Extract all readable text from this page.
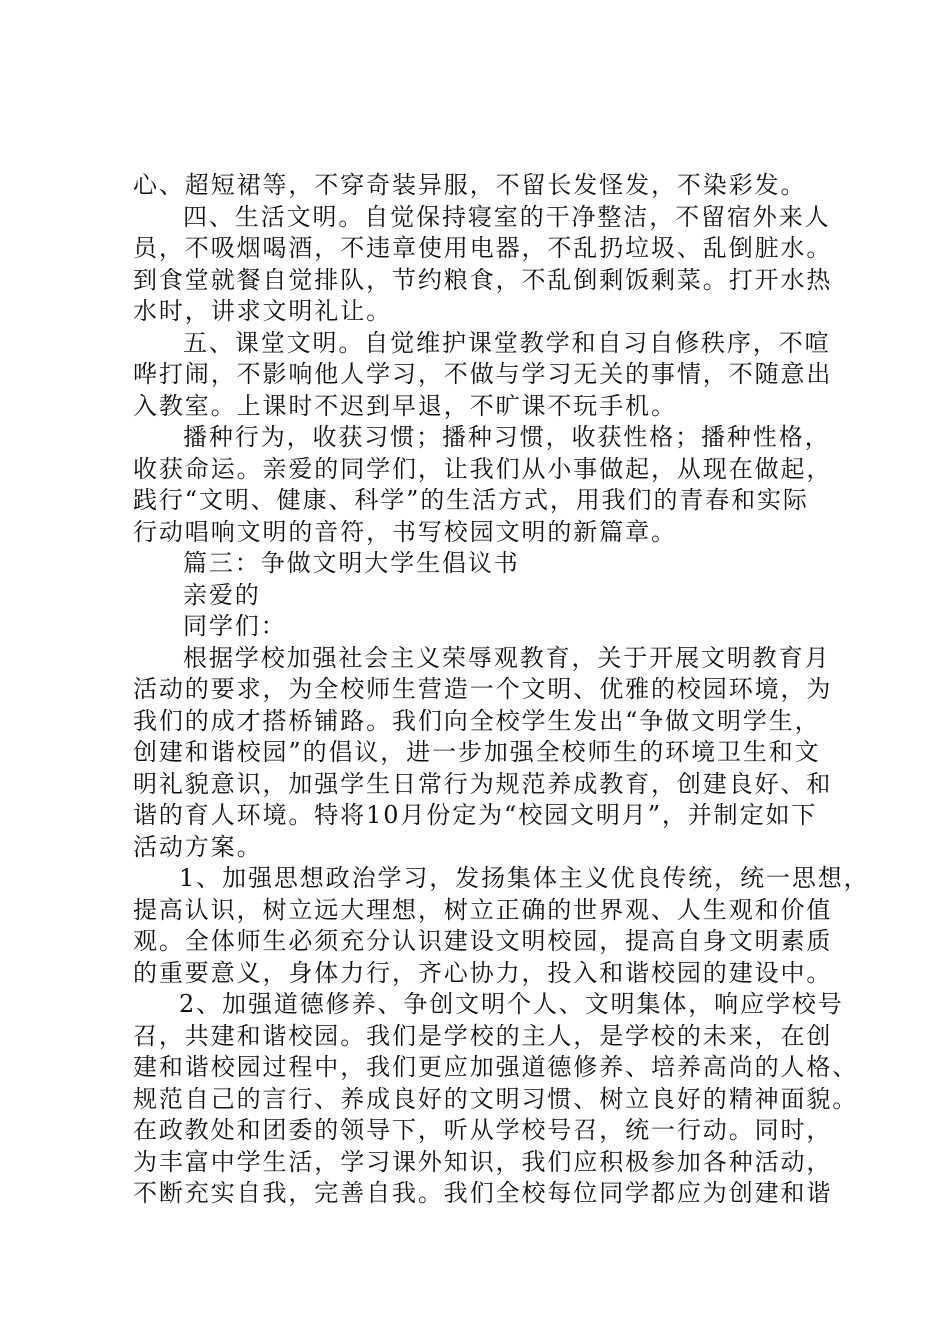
心、超短裙等，不穿奇装异服，不留长发怪发，不染彩发。
四、生活文明。自觉保持寝室的干净整洁，不留宿外来人
员，不吸烟喝酒，不违章使用电器，不乱扔垃圾、乱倒脏水。
到食堂就餐自觉排队，节约粮食，不乱倒剩饭剩菜。打开水热
水时，讲求文明礼让。
五、课堂文明。自觉维护课堂教学和自习自修秩序，不喧
哗打闹，不影响他人学习，不做与学习无关的事情，不随意出
入教室。上课时不迟到早退，不旷课不玩手机。
播种行为，收获习惯；播种习惯，收获性格；播种性格，
收获命运。亲爱的同学们，让我们从小事做起，从现在做起，
践行“文明、健康、科学”的生活方式，用我们的青春和实际
行动唱响文明的音符，书写校园文明的新篇章。
篇三：争做文明大学生倡议书
亲爱的
同学们：
根据学校加强社会主义荣辱观教育，关于开展文明教育月
活动的要求，为全校师生营造一个文明、优雅的校园环境，为
我们的成才搭桥铺路。我们向全校学生发出“争做文明学生，
创建和谐校园”的倡议，进一步加强全校师生的环境卫生和文
明礼貌意识，加强学生日常行为规范养成教育，创建良好、和
谐的育人环境。特将10月份定为“校园文明月”，并制定如下
活动方案。
1、加强思想政治学习，发扬集体主义优良传统，统一思想，
提高认识，树立远大理想，树立正确的世界观、人生观和价值
观。全体师生必须充分认识建设文明校园，提高自身文明素质
的重要意义，身体力行，齐心协力，投入和谐校园的建设中。
2、加强道德修养、争创文明个人、文明集体，响应学校号
召，共建和谐校园。我们是学校的主人，是学校的未来，在创
建和谐校园过程中，我们更应加强道德修养、培养高尚的人格、
规范自己的言行、养成良好的文明习惯、树立良好的精神面貌。
在政教处和团委的领导下，听从学校号召，统一行动。同时，
为丰富中学生活，学习课外知识，我们应积极参加各种活动，
不断充实自我，完善自我。我们全校每位同学都应为创建和谐
